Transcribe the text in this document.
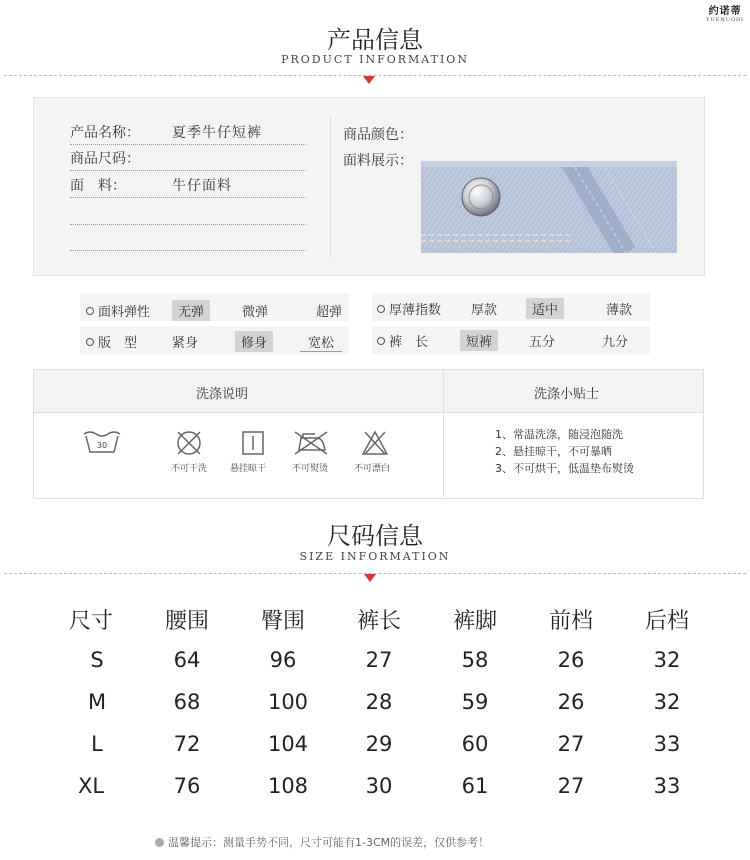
约诺蒂
YUENUODI
产品信息
PRODUCT INFORMATION
产品名称： 夏季牛仔短裤
商品尺码：
面　料：	牛仔面料
商品颜色：
面料展示：
面料弹性	无弹	微弹	超弹	厚薄指数 厚款	适中	薄款
版　型	紧身	修身	宽松	裤　长	短裤	五分	九分
洗涤说明	洗涤小贴士
30
不可干洗	悬挂晾干	不可熨烫	不可漂白
1、常温洗涤，随浸泡随洗
2、悬挂晾干，不可暴晒
3、不可烘干，低温垫布熨烫
尺码信息
SIZE INFORMATION
尺寸	腰围	臀围	裤长	裤脚	前档	后档
S	64	96	27	58	26	32
M	68	100	28	59	26	32
L	72	104	29	60	27	33
XL	76	108	30	61	27	33
温馨提示：测量手势不同，尺寸可能有1-3CM的误差，仅供参考！
